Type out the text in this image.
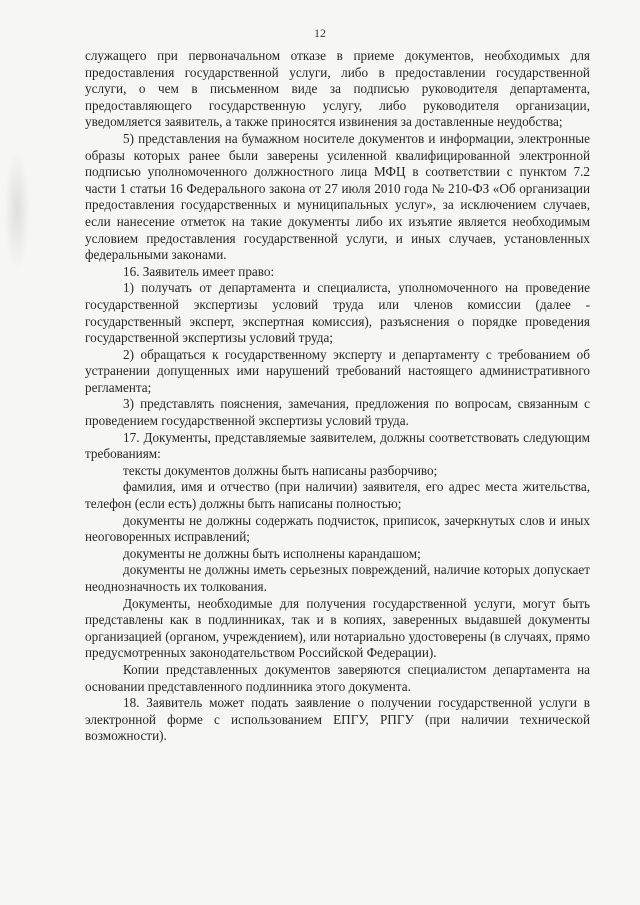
12

служащего при первоначальном отказе в приеме документов, необходимых для предоставления государственной услуги, либо в предоставлении государственной услуги, о чем в письменном виде за подписью руководителя департамента, предоставляющего государственную услугу, либо руководителя организации, уведомляется заявитель, а также приносятся извинения за доставленные неудобства;

5) представления на бумажном носителе документов и информации, электронные образы которых ранее были заверены усиленной квалифицированной электронной подписью уполномоченного должностного лица МФЦ в соответствии с пунктом 7.2 части 1 статьи 16 Федерального закона от 27 июля 2010 года № 210-ФЗ «Об организации предоставления государственных и муниципальных услуг», за исключением случаев, если нанесение отметок на такие документы либо их изъятие является необходимым условием предоставления государственной услуги, и иных случаев, установленных федеральными законами.

16. Заявитель имеет право:

1) получать от департамента и специалиста, уполномоченного на проведение государственной экспертизы условий труда или членов комиссии (далее - государственный эксперт, экспертная комиссия), разъяснения о порядке проведения государственной экспертизы условий труда;

2) обращаться к государственному эксперту и департаменту с требованием об устранении допущенных ими нарушений требований настоящего административного регламента;

3) представлять пояснения, замечания, предложения по вопросам, связанным с проведением государственной экспертизы условий труда.

17. Документы, представляемые заявителем, должны соответствовать следующим требованиям:

тексты документов должны быть написаны разборчиво;

фамилия, имя и отчество (при наличии) заявителя, его адрес места жительства, телефон (если есть) должны быть написаны полностью;

документы не должны содержать подчисток, приписок, зачеркнутых слов и иных неоговоренных исправлений;

документы не должны быть исполнены карандашом;

документы не должны иметь серьезных повреждений, наличие которых допускает неоднозначность их толкования.

Документы, необходимые для получения государственной услуги, могут быть представлены как в подлинниках, так и в копиях, заверенных выдавшей документы организацией (органом, учреждением), или нотариально удостоверены (в случаях, прямо предусмотренных законодательством Российской Федерации).

Копии представленных документов заверяются специалистом департамента на основании представленного подлинника этого документа.

18. Заявитель может подать заявление о получении государственной услуги в электронной форме с использованием ЕПГУ, РПГУ (при наличии технической возможности).
